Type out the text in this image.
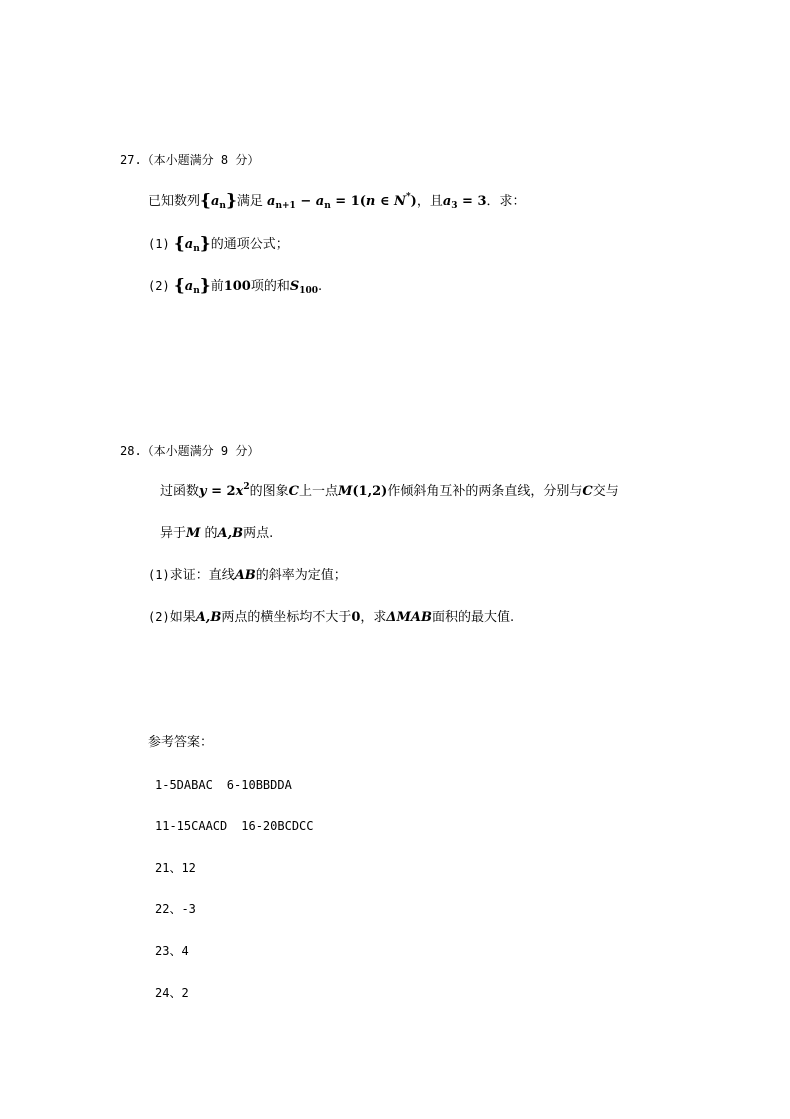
27.（本小题满分 8 分）
已知数列$\{a_n\}$满足 $a_{n+1} - a_n = 1(n$ ∈ N*)，且$a_3 = 3$．求：
(1) $\{a_n\}$的通项公式；
(2) $\{a_n\}$前100项的和$S_{100}$.
28.（本小题满分 9 分）
过函数$y = 2x^2$的图象C上一点M(1,2)作倾斜角互补的两条直线，分别与C交与
异于M 的A,B两点.
(1)求证：直线AB的斜率为定值；
(2)如果A,B两点的横坐标均不大于0，求ΔMAB面积的最大值.
参考答案：
1-5DABAC 6-10BBDDA
11-15CAACD 16-20BCDCC
21、12
22、-3
23、4
24、2
